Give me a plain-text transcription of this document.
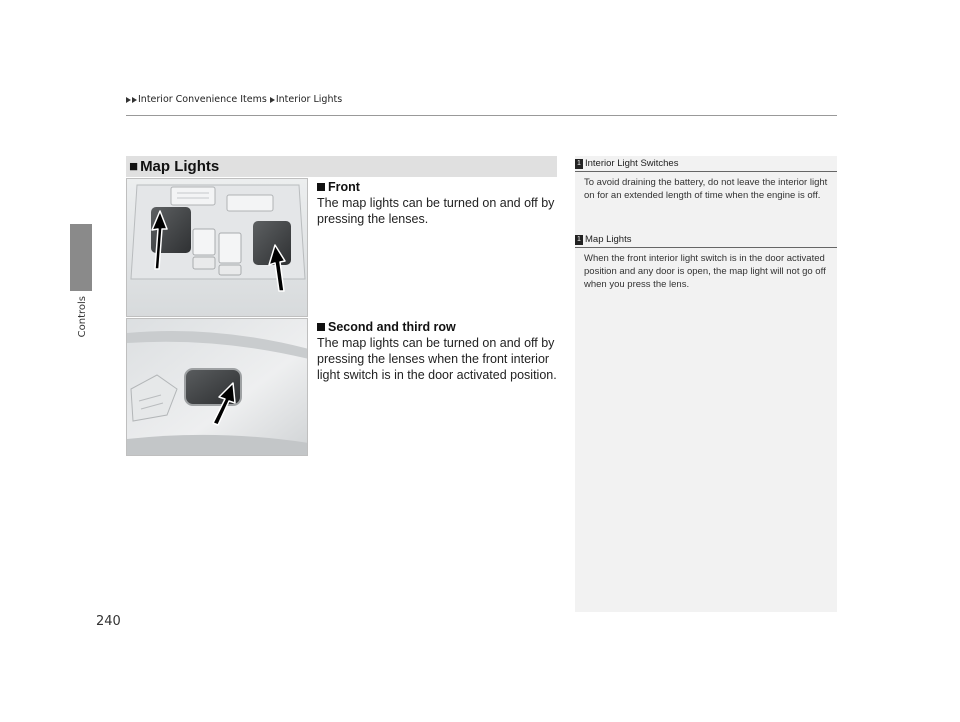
Interior Convenience Items Interior Lights
Controls
240
■ Map Lights
Front
The map lights can be turned on and off by pressing the lenses.
Second and third row
The map lights can be turned on and off by pressing the lenses when the front interior light switch is in the door activated position.
1 Interior Light Switches
To avoid draining the battery, do not leave the interior light on for an extended length of time when the engine is off.
1 Map Lights
When the front interior light switch is in the door activated position and any door is open, the map light will not go off when you press the lens.
